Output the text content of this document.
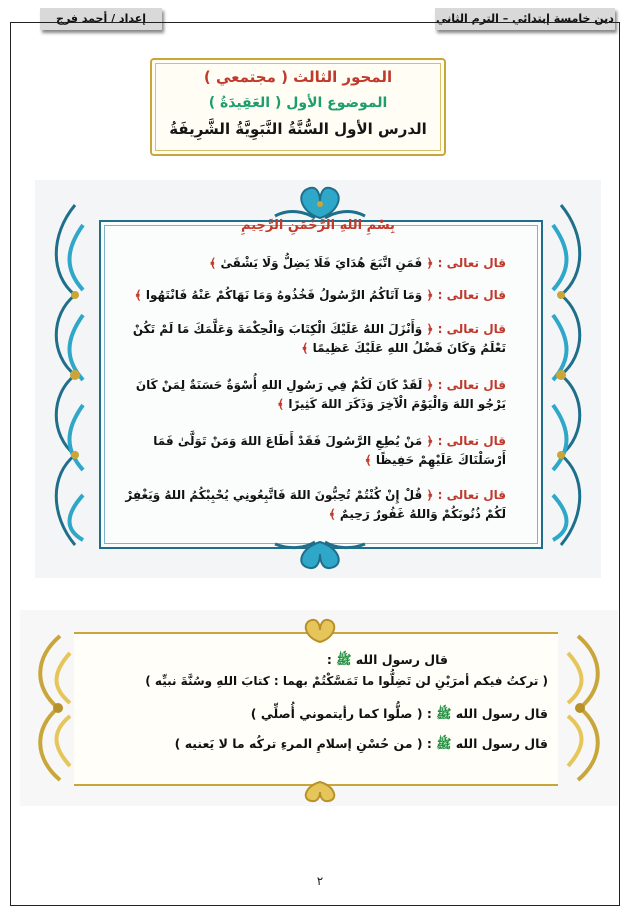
إعداد / أحمد فرج	دين خامسة إبتدائي – الترم الثاني
المحور الثالث ( مجتمعي )
الموضوع الأول ( العَقِيدَةُ )
الدرس الأول السُّنَّةُ النَّبَوِيَّةُ الشَّرِيفَةُ
بِسْمِ اللهِ الرَّحْمَنِ الرَّحِيمِ
قال تعالى : ﴿ فَمَنِ اتَّبَعَ هُدَايَ فَلَا يَضِلُّ وَلَا يَشْقَىٰ ﴾
قال تعالى : ﴿ وَمَا آتَاكُمُ الرَّسُولُ فَخُذُوهُ وَمَا نَهَاكُمْ عَنْهُ فَانْتَهُوا ﴾
قال تعالى : ﴿ وَأَنْزَلَ اللهُ عَلَيْكَ الْكِتَابَ وَالْحِكْمَةَ وَعَلَّمَكَ مَا لَمْ تَكُنْ تَعْلَمُ وَكَانَ فَضْلُ اللهِ عَلَيْكَ عَظِيمًا ﴾
قال تعالى : ﴿ لَقَدْ كَانَ لَكُمْ فِي رَسُولِ اللهِ أُسْوَةٌ حَسَنَةٌ لِمَنْ كَانَ يَرْجُو اللهَ وَالْيَوْمَ الْآخِرَ وَذَكَرَ اللهَ كَثِيرًا ﴾
قال تعالى : ﴿ مَنْ يُطِعِ الرَّسُولَ فَقَدْ أَطَاعَ اللهَ وَمَنْ تَوَلَّىٰ فَمَا أَرْسَلْنَاكَ عَلَيْهِمْ حَفِيظًا ﴾
قال تعالى : ﴿ قُلْ إِنْ كُنْتُمْ تُحِبُّونَ اللهَ فَاتَّبِعُونِي يُحْبِبْكُمُ اللهُ وَيَغْفِرْ لَكُمْ ذُنُوبَكُمْ وَاللهُ غَفُورٌ رَحِيمٌ ﴾
قال رسول الله ﷺ :
( تركتُ فيكم أمرَيْنِ لن تَضِلُّوا ما تَمَسَّكْتُمْ بهما : كتابَ اللهِ وسُنَّةَ نبيِّه )
قال رسول الله ﷺ : ( صلُّوا كما رأيتموني أُصلِّي )
قال رسول الله ﷺ : ( من حُسْنِ إسلامِ المرءِ تركُه ما لا يَعنيه )
٢
